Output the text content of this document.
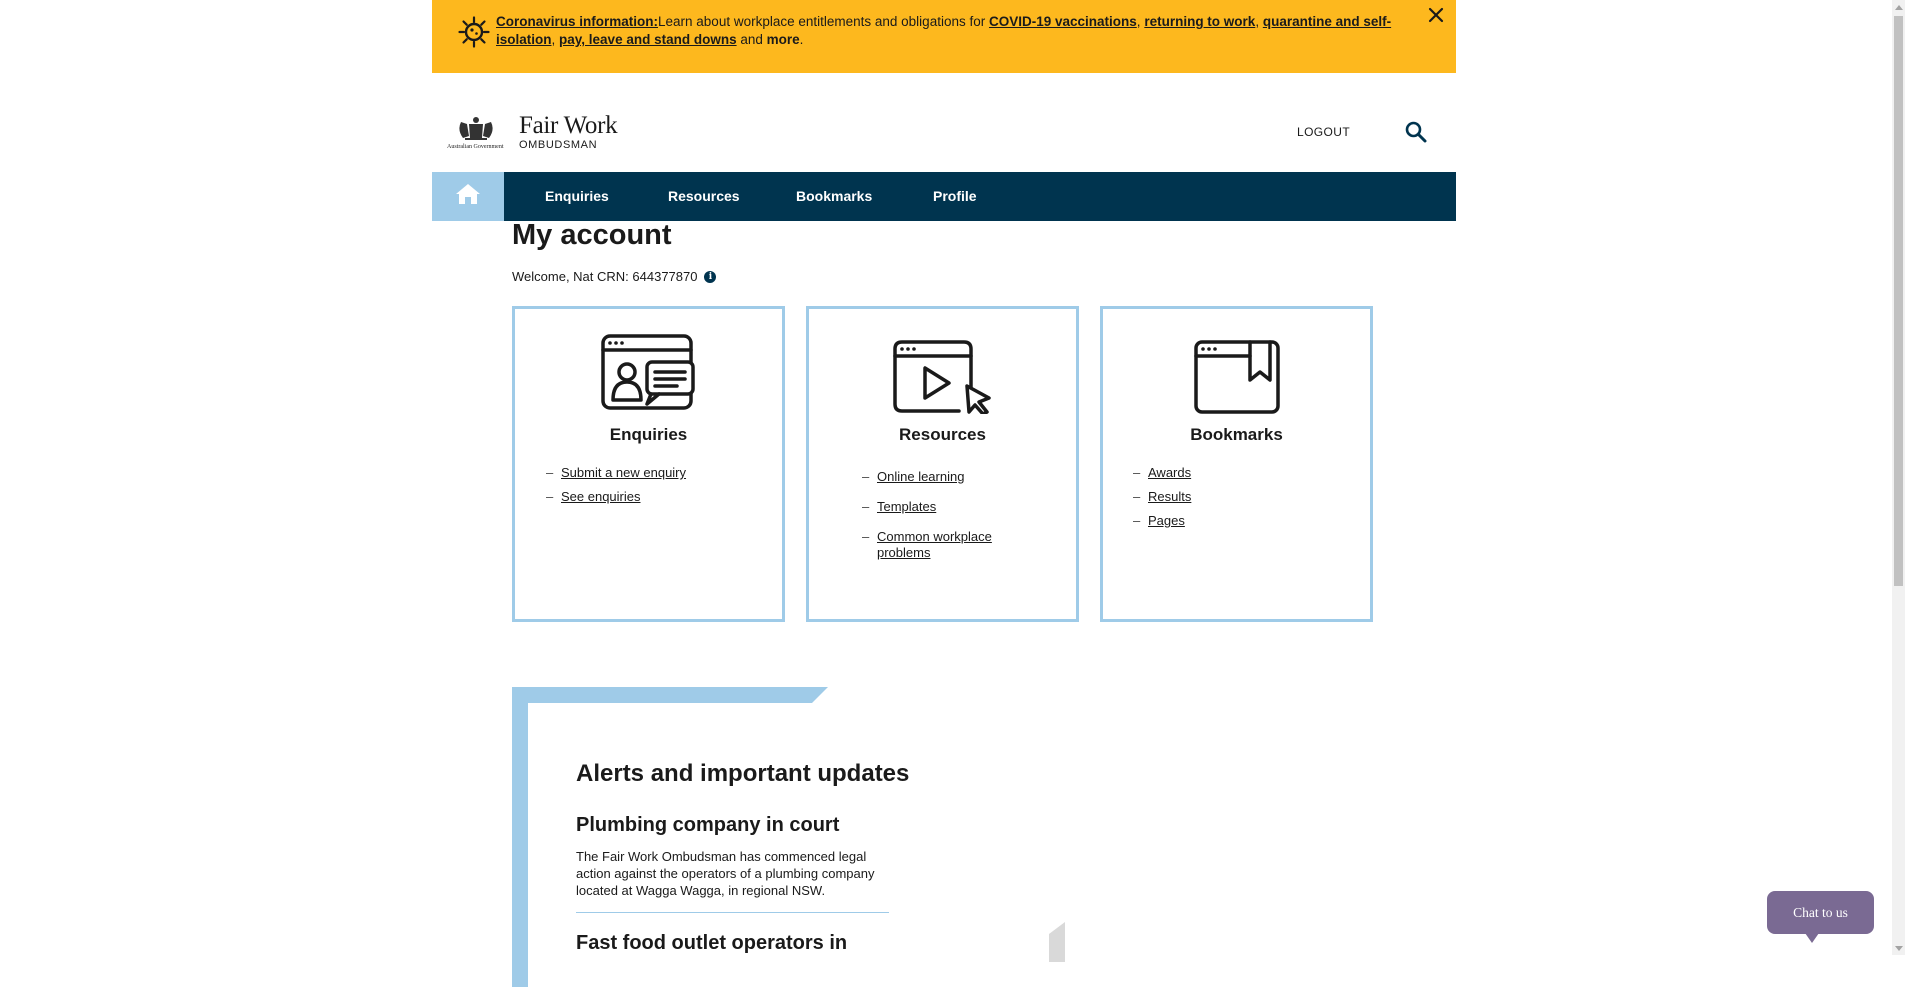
Coronavirus information:Learn about workplace entitlements and obligations for COVID-19 vaccinations, returning to work, quarantine and self-isolation, pay, leave and stand downs and more.
Australian Government
Fair Work
OMBUDSMAN
LOGOUT
Enquiries	Resources	Bookmarks	Profile
My account
Welcome, Nat CRN: 644377870	i
Enquiries
– Submit a new enquiry
– See enquiries
Resources
– Online learning
– Templates
– Common workplace problems
Bookmarks
– Awards
– Results
– Pages
Alerts and important updates
Plumbing company in court
The Fair Work Ombudsman has commenced legal action against the operators of a plumbing company located at Wagga Wagga, in regional NSW.
Fast food outlet operators in
Chat to us
